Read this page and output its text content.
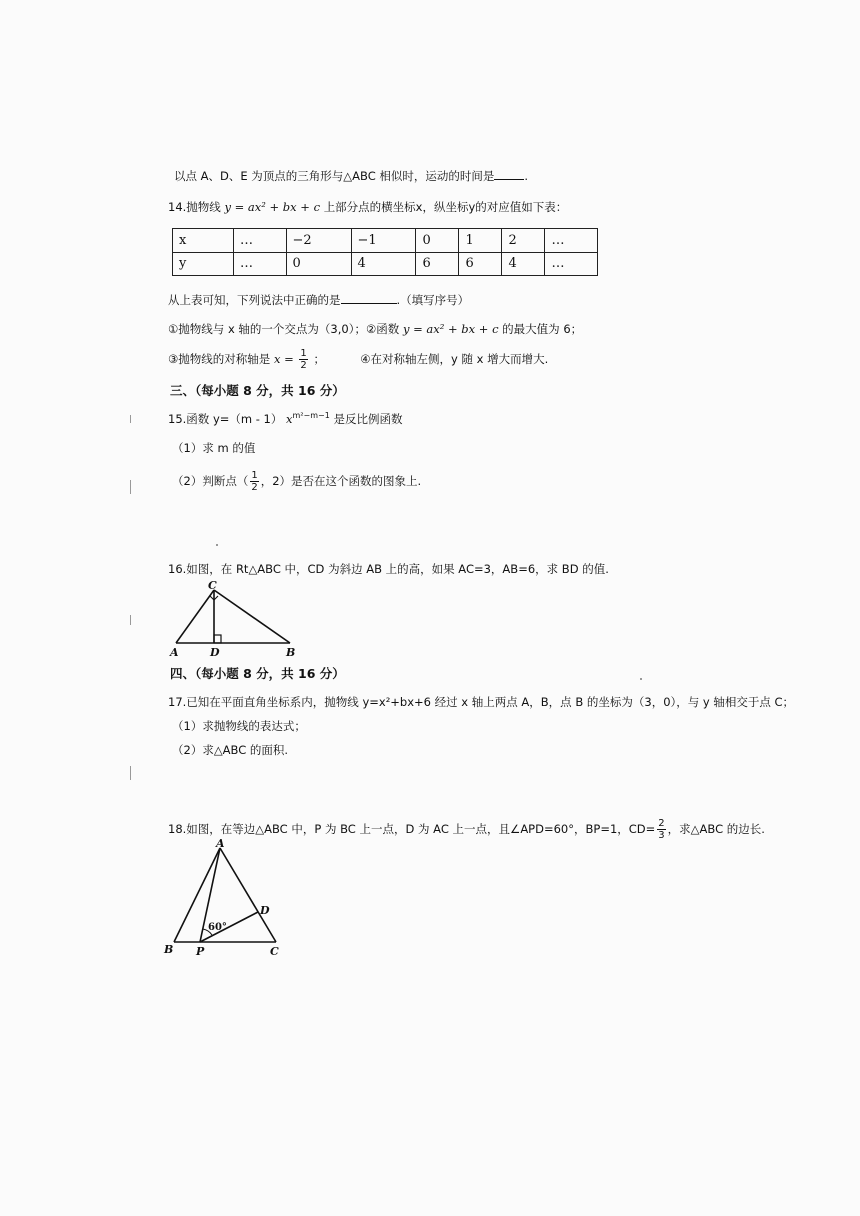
以点 A、D、E 为顶点的三角形与△ABC 相似时，运动的时间是	.
14.抛物线 y = ax² + bx + c 上部分点的横坐标x，纵坐标y的对应值如下表：
x	…	−2	−1	0	1	2	…
y	…	0	4	6	6	4	…
从上表可知，下列说法中正确的是	.（填写序号）
①抛物线与 x 轴的一个交点为（3,0）；②函数 y = ax² + bx + c 的最大值为 6；
③抛物线的对称轴是 $x = \frac{1}{2}$ ；	④在对称轴左侧，y 随 x 增大而增大.
三、（每小题 8 分，共 16 分）
15.函数 y=（m - 1） $x^{m^2-m-1}$ 是反比例函数
（1）求 m 的值
（2）判断点（ $\frac{1}{2}$ ，2）是否在这个函数的图象上.
16.如图，在 Rt△ABC 中，CD 为斜边 AB 上的高，如果 AC=3，AB=6，求 BD 的值.
C
A	D	B
四、（每小题 8 分，共 16 分）
17.已知在平面直角坐标系内，抛物线 y=x²+bx+6 经过 x 轴上两点 A，B，点 B 的坐标为（3，0），与 y 轴相交于点 C；
（1）求抛物线的表达式；
（2）求△ABC 的面积.
18.如图，在等边△ABC 中，P 为 BC 上一点，D 为 AC 上一点，且∠APD=60°，BP=1，$CD= \frac{2}{3}$ ，求△ABC 的边长.
A
B P	C
D
60°
